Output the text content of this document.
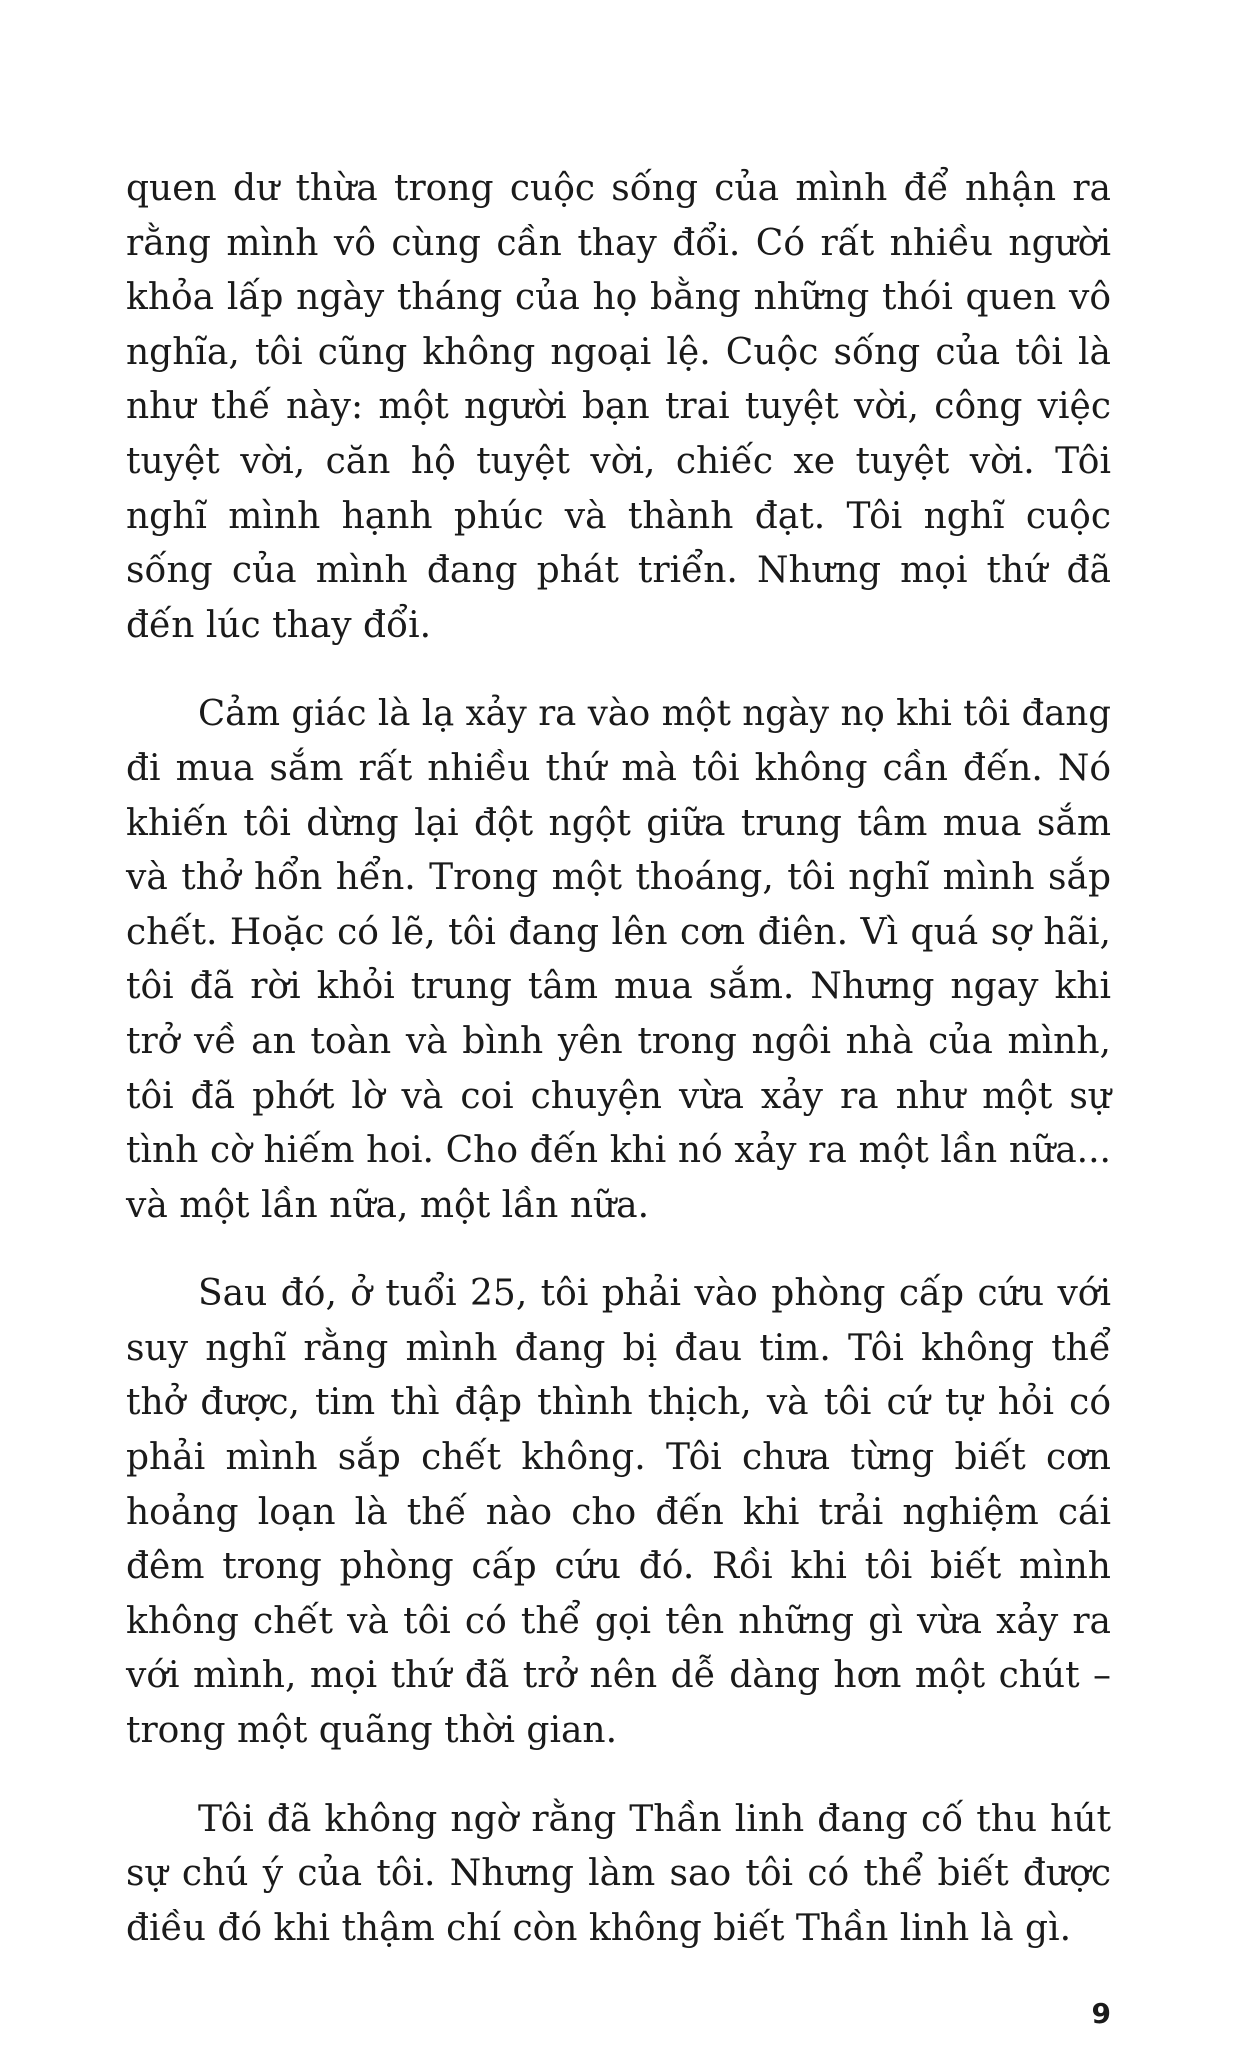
quen dư thừa trong cuộc sống của mình để nhận ra
rằng mình vô cùng cần thay đổi. Có rất nhiều người
khỏa lấp ngày tháng của họ bằng những thói quen vô
nghĩa, tôi cũng không ngoại lệ. Cuộc sống của tôi là
như thế này: một người bạn trai tuyệt vời, công việc
tuyệt vời, căn hộ tuyệt vời, chiếc xe tuyệt vời. Tôi
nghĩ mình hạnh phúc và thành đạt. Tôi nghĩ cuộc
sống của mình đang phát triển. Nhưng mọi thứ đã
đến lúc thay đổi.
Cảm giác là lạ xảy ra vào một ngày nọ khi tôi đang
đi mua sắm rất nhiều thứ mà tôi không cần đến. Nó
khiến tôi dừng lại đột ngột giữa trung tâm mua sắm
và thở hổn hển. Trong một thoáng, tôi nghĩ mình sắp
chết. Hoặc có lẽ, tôi đang lên cơn điên. Vì quá sợ hãi,
tôi đã rời khỏi trung tâm mua sắm. Nhưng ngay khi
trở về an toàn và bình yên trong ngôi nhà của mình,
tôi đã phớt lờ và coi chuyện vừa xảy ra như một sự
tình cờ hiếm hoi. Cho đến khi nó xảy ra một lần nữa...
và một lần nữa, một lần nữa.
Sau đó, ở tuổi 25, tôi phải vào phòng cấp cứu với
suy nghĩ rằng mình đang bị đau tim. Tôi không thể
thở được, tim thì đập thình thịch, và tôi cứ tự hỏi có
phải mình sắp chết không. Tôi chưa từng biết cơn
hoảng loạn là thế nào cho đến khi trải nghiệm cái
đêm trong phòng cấp cứu đó. Rồi khi tôi biết mình
không chết và tôi có thể gọi tên những gì vừa xảy ra
với mình, mọi thứ đã trở nên dễ dàng hơn một chút –
trong một quãng thời gian.
Tôi đã không ngờ rằng Thần linh đang cố thu hút
sự chú ý của tôi. Nhưng làm sao tôi có thể biết được
điều đó khi thậm chí còn không biết Thần linh là gì.
9
